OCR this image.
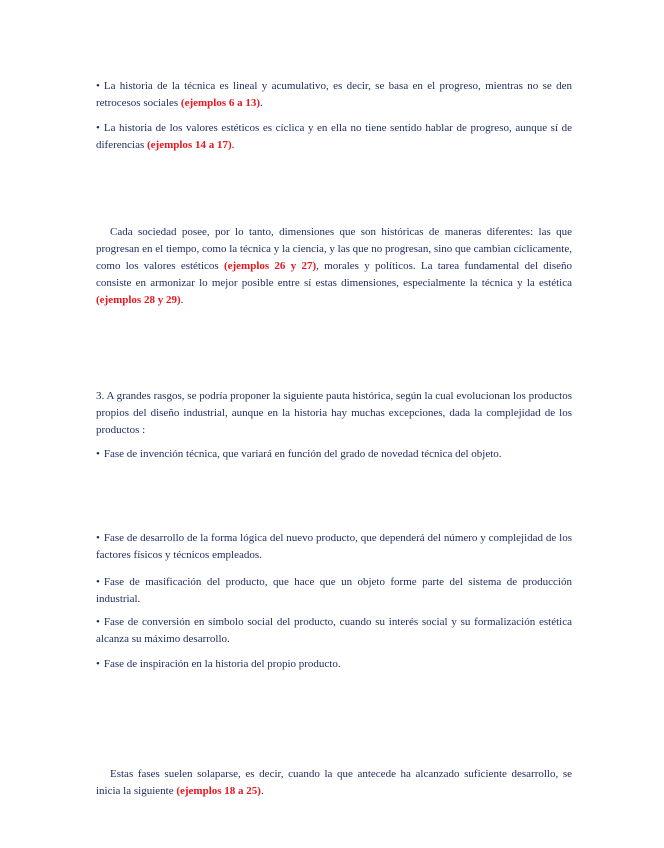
• La historia de la técnica es lineal y acumulativo, es decir, se basa en el progreso, mientras no se den retrocesos sociales (ejemplos 6 a 13).

• La historia de los valores estéticos es cíclica y en ella no tiene sentido hablar de progreso, aunque sí de diferencias (ejemplos 14 a 17).

Cada sociedad posee, por lo tanto, dimensiones que son históricas de maneras diferentes: las que progresan en el tiempo, como la técnica y la ciencia, y las que no progresan, sino que cambian cíclicamente, como los valores estéticos (ejemplos 26 y 27), morales y políticos. La tarea fundamental del diseño consiste en armonizar lo mejor posible entre sí estas dimensiones, especialmente la técnica y la estética (ejemplos 28 y 29).

3. A grandes rasgos, se podría proponer la siguiente pauta histórica, según la cual evolucionan los productos propios del diseño industrial, aunque en la historia hay muchas excepciones, dada la complejidad de los productos :

• Fase de invención técnica, que variará en función del grado de novedad técnica del objeto.

• Fase de desarrollo de la forma lógica del nuevo producto, que dependerá del número y complejidad de los factores físicos y técnicos empleados.

• Fase de masificación del producto, que hace que un objeto forme parte del sistema de producción industrial.

• Fase de conversión en símbolo social del producto, cuando su interés social y su formalización estética alcanza su máximo desarrollo.

• Fase de inspiración en la historia del propio producto.

Estas fases suelen solaparse, es decir, cuando la que antecede ha alcanzado suficiente desarrollo, se inicia la siguiente (ejemplos 18 a 25).
